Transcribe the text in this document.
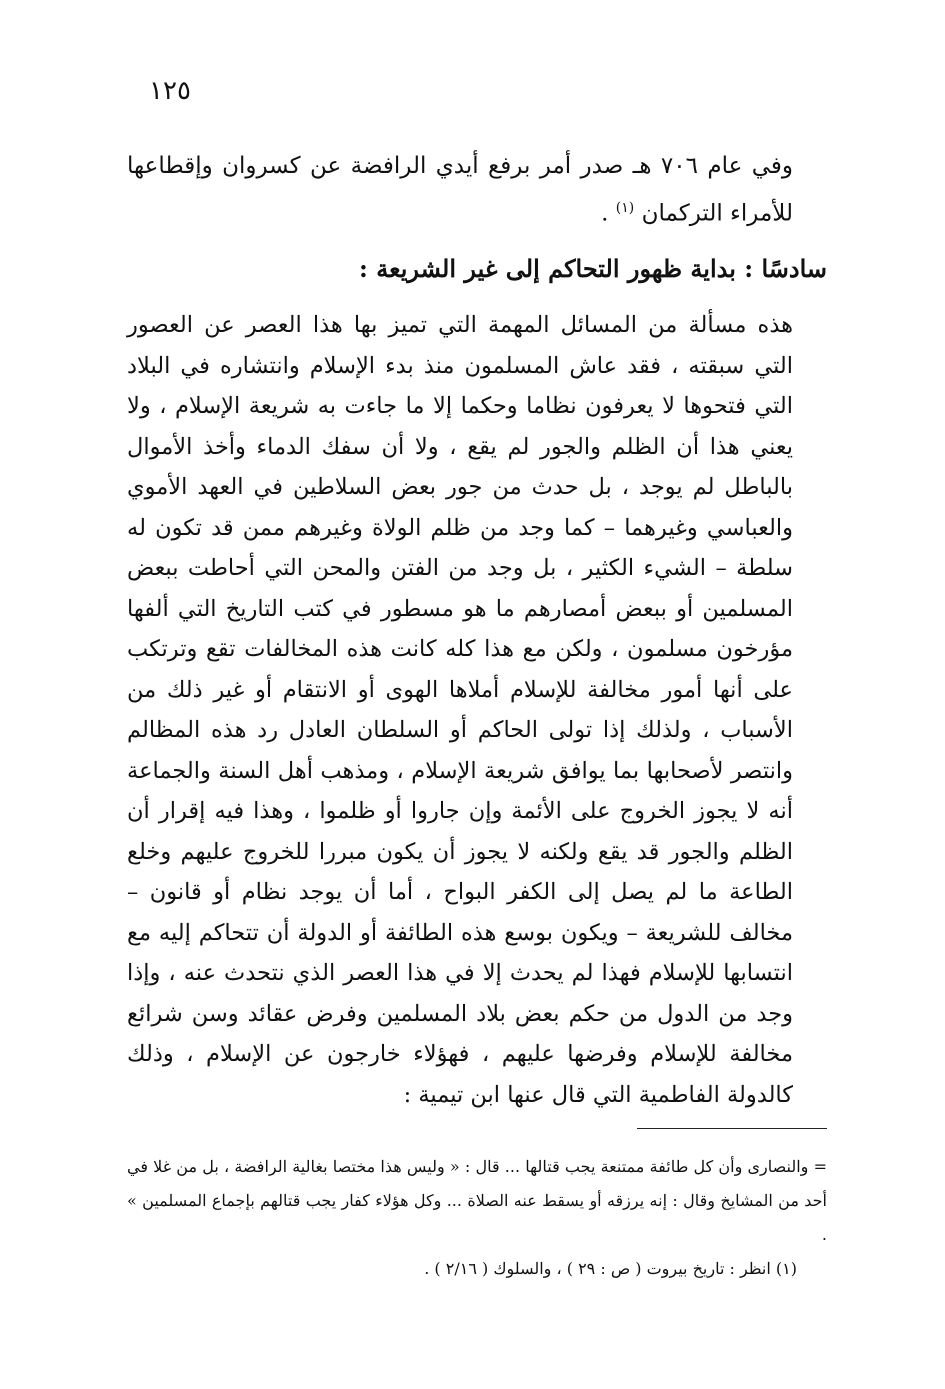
١٢٥

وفي عام ٧٠٦ هـ صدر أمر برفع أيدي الرافضة عن كسروان وإقطاعها للأمراء التركمان $^{(١)}$ .

سادسًا : بداية ظهور التحاكم إلى غير الشريعة :

هذه مسألة من المسائل المهمة التي تميز بها هذا العصر عن العصور التي سبقته ، فقد عاش المسلمون منذ بدء الإسلام وانتشاره في البلاد التي فتحوها لا يعرفون نظاما وحكما إلا ما جاءت به شريعة الإسلام ، ولا يعني هذا أن الظلم والجور لم يقع ، ولا أن سفك الدماء وأخذ الأموال بالباطل لم يوجد ، بل حدث من جور بعض السلاطين في العهد الأموي والعباسي وغيرهما – كما وجد من ظلم الولاة وغيرهم ممن قد تكون له سلطة – الشيء الكثير ، بل وجد من الفتن والمحن التي أحاطت ببعض المسلمين أو ببعض أمصارهم ما هو مسطور في كتب التاريخ التي ألفها مؤرخون مسلمون ، ولكن مع هذا كله كانت هذه المخالفات تقع وترتكب على أنها أمور مخالفة للإسلام أملاها الهوى أو الانتقام أو غير ذلك من الأسباب ، ولذلك إذا تولى الحاكم أو السلطان العادل رد هذه المظالم وانتصر لأصحابها بما يوافق شريعة الإسلام ، ومذهب أهل السنة والجماعة أنه لا يجوز الخروج على الأئمة وإن جاروا أو ظلموا ، وهذا فيه إقرار أن الظلم والجور قد يقع ولكنه لا يجوز أن يكون مبررا للخروج عليهم وخلع الطاعة ما لم يصل إلى الكفر البواح ، أما أن يوجد نظام أو قانون – مخالف للشريعة – ويكون بوسع هذه الطائفة أو الدولة أن تتحاكم إليه مع انتسابها للإسلام فهذا لم يحدث إلا في هذا العصر الذي نتحدث عنه ، وإذا وجد من الدول من حكم بعض بلاد المسلمين وفرض عقائد وسن شرائع مخالفة للإسلام وفرضها عليهم ، فهؤلاء خارجون عن الإسلام ، وذلك كالدولة الفاطمية التي قال عنها ابن تيمية :

= والنصارى وأن كل طائفة ممتنعة يجب قتالها ... قال : « وليس هذا مختصا بغالية الرافضة ، بل من غلا في أحد من المشايخ وقال : إنه يرزقه أو يسقط عنه الصلاة ... وكل هؤلاء كفار يجب قتالهم بإجماع المسلمين » .

(١) انظر : تاريخ بيروت ( ص : ٢٩ ) ، والسلوك ( ٢/١٦ ) .
